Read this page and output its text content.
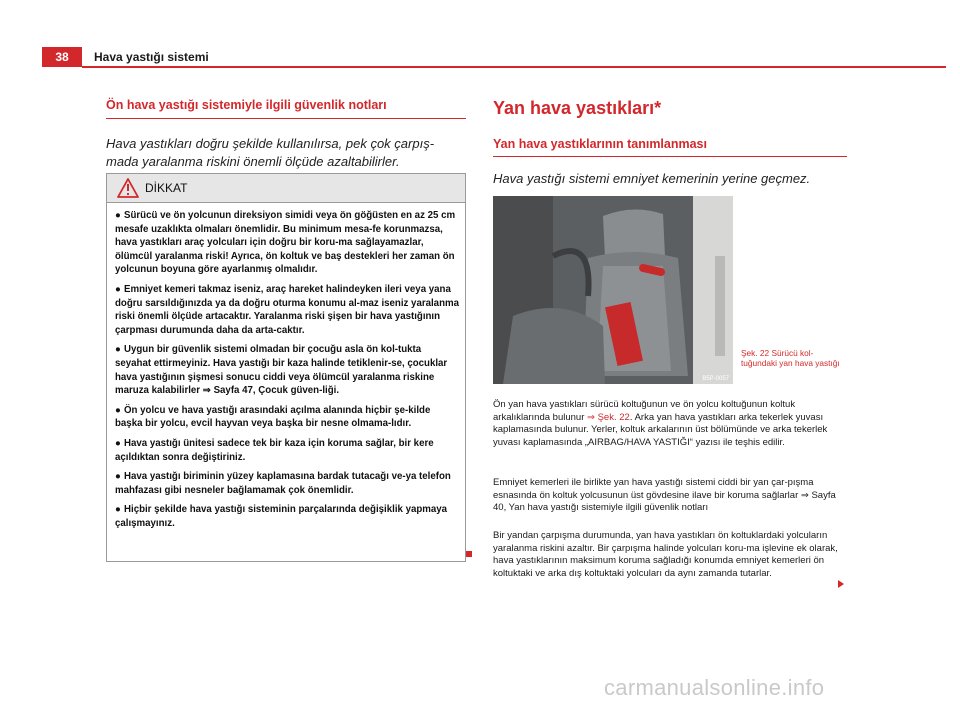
38	Hava yastığı sistemi
Ön hava yastığı sistemiyle ilgili güvenlik notları
Hava yastıkları doğru şekilde kullanılırsa, pek çok çarpış-mada yaralanma riskini önemli ölçüde azaltabilirler.
DİKKAT
● Sürücü ve ön yolcunun direksiyon simidi veya ön göğüsten en az 25 cm mesafe uzaklıkta olmaları önemlidir. Bu minimum mesa-fe korunmazsa, hava yastıkları araç yolcuları için doğru bir koru-ma sağlayamazlar, ölümcül yaralanma riski! Ayrıca, ön koltuk ve baş destekleri her zaman ön yolcunun boyuna göre ayarlanmış olmalıdır.
● Emniyet kemeri takmaz iseniz, araç hareket halindeyken ileri veya yana doğru sarsıldığınızda ya da doğru oturma konumu al-maz iseniz yaralanma riski önemli ölçüde artacaktır. Yaralanma riski şişen bir hava yastığının çarpması durumunda daha da arta-caktır.
● Uygun bir güvenlik sistemi olmadan bir çocuğu asla ön kol-tukta seyahat ettirmeyiniz. Hava yastığı bir kaza halinde tetiklenir-se, çocuklar hava yastığının şişmesi sonucu ciddi veya ölümcül yaralanma riskine maruza kalabilirler ⇒ Sayfa 47, Çocuk güven-liği.
● Ön yolcu ve hava yastığı arasındaki açılma alanında hiçbir şe-kilde başka bir yolcu, evcil hayvan veya başka bir nesne olmama-lıdır.
● Hava yastığı ünitesi sadece tek bir kaza için koruma sağlar, bir kere açıldıktan sonra değiştiriniz.
● Hava yastığı biriminin yüzey kaplamasına bardak tutacağı ve-ya telefon mahfazası gibi nesneler bağlamamak çok önemlidir.
● Hiçbir şekilde hava yastığı sisteminin parçalarında değişiklik yapmaya çalışmayınız.
Yan hava yastıkları*
Yan hava yastıklarının tanımlanması
Hava yastığı sistemi emniyet kemerinin yerine geçmez.
B5P-0057
Şek. 22 Sürücü kol-tuğundaki yan hava yastığı

Ön yan hava yastıkları sürücü koltuğunun ve ön yolcu koltuğunun koltuk arkalıklarında bulunur ⇒ Şek. 22. Arka yan hava yastıkları arka tekerlek yuvası kaplamasında bulunur. Yerler, koltuk arkalarının üst bölümünde ve arka tekerlek yuvası kaplamasında „AIRBAG/HAVA YASTIĞI“ yazısı ile teşhis edilir.

Emniyet kemerleri ile birlikte yan hava yastığı sistemi ciddi bir yan çar-pışma esnasında ön koltuk yolcusunun üst gövdesine ilave bir koruma sağlarlar ⇒ Sayfa 40, Yan hava yastığı sistemiyle ilgili güvenlik notları

Bir yandan çarpışma durumunda, yan hava yastıkları ön koltuklardaki yolcuların yaralanma riskini azaltır. Bir çarpışma halinde yolcuları koru-ma işlevine ek olarak, hava yastıklarının maksimum koruma sağladığı konumda emniyet kemerleri ön koltuktaki ve arka dış koltuktaki yolcuları da aynı zamanda tutarlar.

carmanualsonline.info
